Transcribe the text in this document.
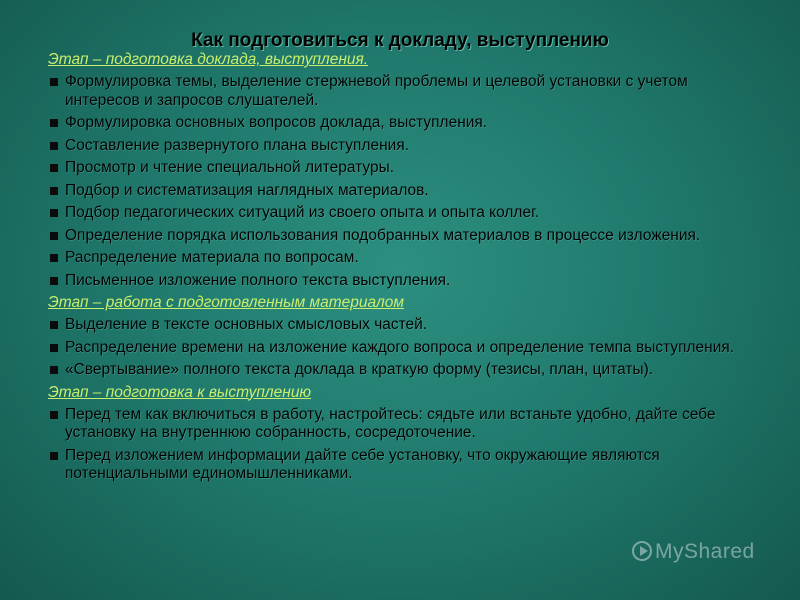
Как подготовиться к докладу, выступлению
Этап – подготовка доклада, выступления.
Формулировка темы, выделение стержневой проблемы и целевой установки с учетом интересов и запросов слушателей.
Формулировка основных вопросов доклада, выступления.
Составление развернутого плана выступления.
Просмотр и чтение специальной литературы.
Подбор и систематизация наглядных материалов.
Подбор педагогических ситуаций из своего опыта и опыта коллег.
Определение порядка использования подобранных материалов в процессе изложения.
Распределение материала по вопросам.
Письменное изложение полного текста выступления.
Этап – работа с подготовленным материалом
Выделение в тексте основных смысловых частей.
Распределение времени на изложение каждого вопроса и определение темпа выступления.
«Свертывание» полного текста доклада в краткую форму (тезисы, план, цитаты).
Этап – подготовка к выступлению
Перед тем как включиться в работу, настройтесь: сядьте или встаньте удобно, дайте себе установку на внутреннюю собранность, сосредоточение.
Перед изложением информации дайте себе установку, что окружающие являются потенциальными единомышленниками.
MyShared
